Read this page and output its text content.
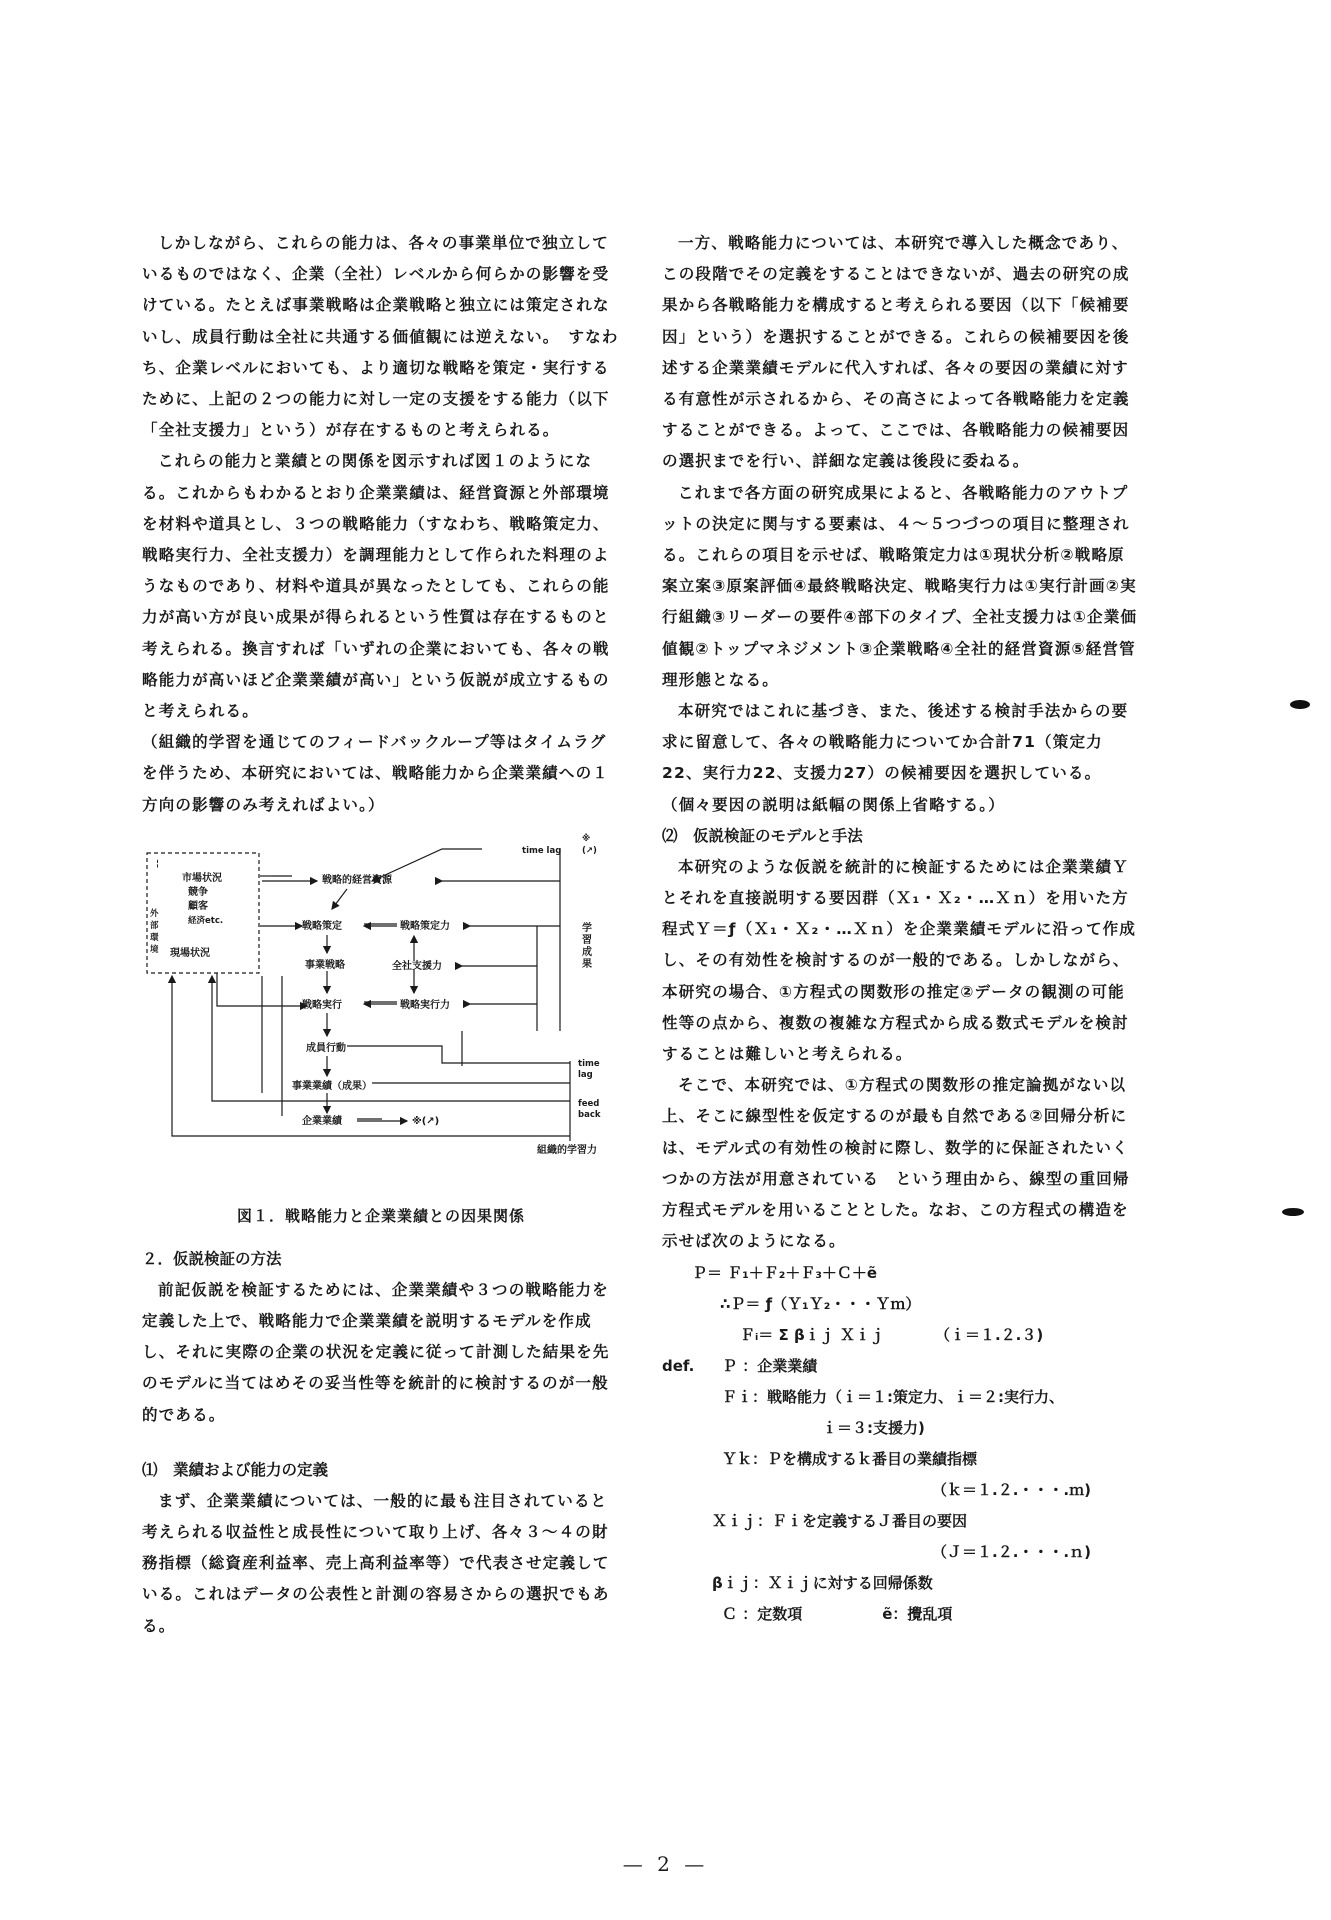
しかしながら、これらの能力は、各々の事業単位で独立しているものではなく、企業（全社）レベルから何らかの影響を受けている。たとえば事業戦略は企業戦略と独立には策定されないし、成員行動は全社に共通する価値観には逆えない。　すなわち、企業レベルにおいても、より適切な戦略を策定・実行するために、上記の２つの能力に対し一定の支援をする能力（以下「全社支援力」という）が存在するものと考えられる。

これらの能力と業績との関係を図示すれば図１のようになる。これからもわかるとおり企業業績は、経営資源と外部環境を材料や道具とし、３つの戦略能力（すなわち、戦略策定力、戦略実行力、全社支援力）を調理能力として作られた料理のようなものであり、材料や道具が異なったとしても、これらの能力が高い方が良い成果が得られるという性質は存在するものと考えられる。換言すれば「いずれの企業においても、各々の戦略能力が高いほど企業業績が高い」という仮説が成立するものと考えられる。

（組織的学習を通じてのフィードバックループ等はタイムラグを伴うため、本研究においては、戦略能力から企業業績への１方向の影響のみ考えればよい。）

¦
外部環境
市場状況
競争
顧客
経済etc.
現場状況
戦略的経営資源
戦略策定	戦略策定力
全社支援力
事業戦略
戦略実行	戦略実行力
成員行動
事業業績（成果）
企業業績	※(↗)
※
(↗)
time lag
学習成果
time
lag
feed
back
組織的学習力
図１．戦略能力と企業業績との因果関係

２．仮説検証の方法

前記仮説を検証するためには、企業業績や３つの戦略能力を定義した上で、戦略能力で企業業績を説明するモデルを作成し、それに実際の企業の状況を定義に従って計測した結果を先のモデルに当てはめその妥当性等を統計的に検討するのが一般的である。

⑴　業績および能力の定義

まず、企業業績については、一般的に最も注目されていると考えられる収益性と成長性について取り上げ、各々３～４の財務指標（総資産利益率、売上高利益率等）で代表させ定義している。これはデータの公表性と計測の容易さからの選択でもある。

一方、戦略能力については、本研究で導入した概念であり、この段階でその定義をすることはできないが、過去の研究の成果から各戦略能力を構成すると考えられる要因（以下「候補要因」という）を選択することができる。これらの候補要因を後述する企業業績モデルに代入すれば、各々の要因の業績に対する有意性が示されるから、その高さによって各戦略能力を定義することができる。よって、ここでは、各戦略能力の候補要因の選択までを行い、詳細な定義は後段に委ねる。

これまで各方面の研究成果によると、各戦略能力のアウトプットの決定に関与する要素は、４～５つづつの項目に整理される。これらの項目を示せば、戦略策定力は①現状分析②戦略原案立案③原案評価④最終戦略決定、戦略実行力は①実行計画②実行組織③リーダーの要件④部下のタイプ、全社支援力は①企業価値観②トップマネジメント③企業戦略④全社的経営資源⑤経営管理形態となる。

本研究ではこれに基づき、また、後述する検討手法からの要求に留意して、各々の戦略能力についてか合計71（策定力22、実行力22、支援力27）の候補要因を選択している。

（個々要因の説明は紙幅の関係上省略する。）

⑵　仮説検証のモデルと手法

本研究のような仮説を統計的に検証するためには企業業績Ｙとそれを直接説明する要因群（Ｘ₁・Ｘ₂・…Ｘｎ）を用いた方程式Ｙ＝ƒ（Ｘ₁・Ｘ₂・…Ｘｎ）を企業業績モデルに沿って作成し、その有効性を検討するのが一般的である。しかしながら、本研究の場合、①方程式の関数形の推定②データの観測の可能性等の点から、複数の複雑な方程式から成る数式モデルを検討することは難しいと考えられる。

そこで、本研究では、①方程式の関数形の推定論拠がない以上、そこに線型性を仮定するのが最も自然である②回帰分析には、モデル式の有効性の検討に際し、数学的に保証されたいくつかの方法が用意されている　という理由から、線型の重回帰方程式モデルを用いることとした。なお、この方程式の構造を示せば次のようになる。

Ｐ＝ Ｆ₁＋Ｆ₂＋Ｆ₃＋Ｃ＋ẽ
∴Ｐ＝ ƒ（Ｙ₁Ｙ₂・・・Ｙｍ）
Ｆᵢ＝ Σ βｉｊ Ｘｉｊ	（ｉ＝１.２.３)
def. Ｐ ：企業業績
Ｆｉ：戦略能力（ｉ＝１:策定力、ｉ＝２:実行力、
ｉ＝３:支援力)
Ｙｋ：Ｐを構成するｋ番目の業績指標
（ｋ＝１.２.・・・.ｍ)
Ｘｉｊ：Ｆｉを定義するＪ番目の要因
（Ｊ＝１.２.・・・.ｎ)
βｉｊ：Ｘｉｊに対する回帰係数
Ｃ ：定数項	ẽ：攪乱項
— 2 —
